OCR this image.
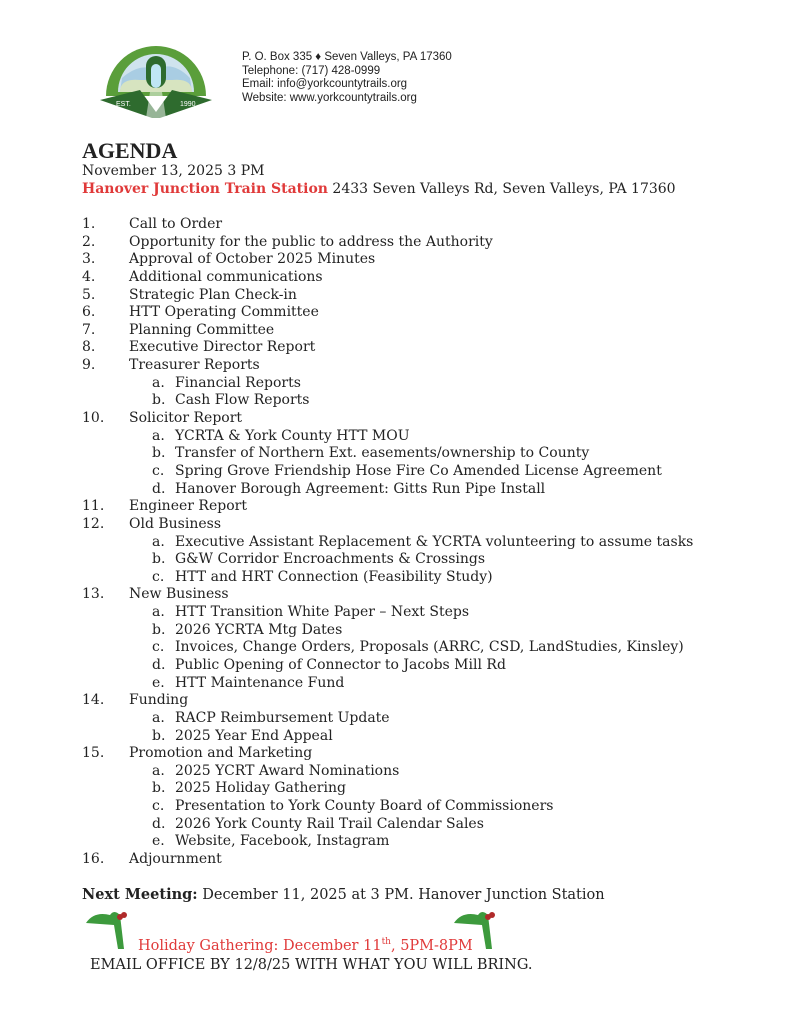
EST.	1990
P. O. Box 335 ♦ Seven Valleys, PA 17360
Telephone: (717) 428-0999
Email: info@yorkcountytrails.org
Website: www.yorkcountytrails.org
AGENDA
November 13, 2025 3 PM
Hanover Junction Train Station 2433 Seven Valleys Rd, Seven Valleys, PA 17360
1. Call to Order
2. Opportunity for the public to address the Authority
3. Approval of October 2025 Minutes
4. Additional communications
5. Strategic Plan Check-in
6. HTT Operating Committee
7. Planning Committee
8. Executive Director Report
9. Treasurer Reports
a. Financial Reports
b. Cash Flow Reports
10. Solicitor Report
a. YCRTA & York County HTT MOU
b. Transfer of Northern Ext. easements/ownership to County
c. Spring Grove Friendship Hose Fire Co Amended License Agreement
d. Hanover Borough Agreement: Gitts Run Pipe Install
11. Engineer Report
12. Old Business
a. Executive Assistant Replacement & YCRTA volunteering to assume tasks
b. G&W Corridor Encroachments & Crossings
c. HTT and HRT Connection (Feasibility Study)
13. New Business
a. HTT Transition White Paper – Next Steps
b. 2026 YCRTA Mtg Dates
c. Invoices, Change Orders, Proposals (ARRC, CSD, LandStudies, Kinsley)
d. Public Opening of Connector to Jacobs Mill Rd
e. HTT Maintenance Fund
14. Funding
a. RACP Reimbursement Update
b. 2025 Year End Appeal
15. Promotion and Marketing
a. 2025 YCRT Award Nominations
b. 2025 Holiday Gathering
c. Presentation to York County Board of Commissioners
d. 2026 York County Rail Trail Calendar Sales
e. Website, Facebook, Instagram
16. Adjournment
Next Meeting: December 11, 2025 at 3 PM. Hanover Junction Station
Holiday Gathering: December 11th, 5PM-8PM
EMAIL OFFICE BY 12/8/25 WITH WHAT YOU WILL BRING.
